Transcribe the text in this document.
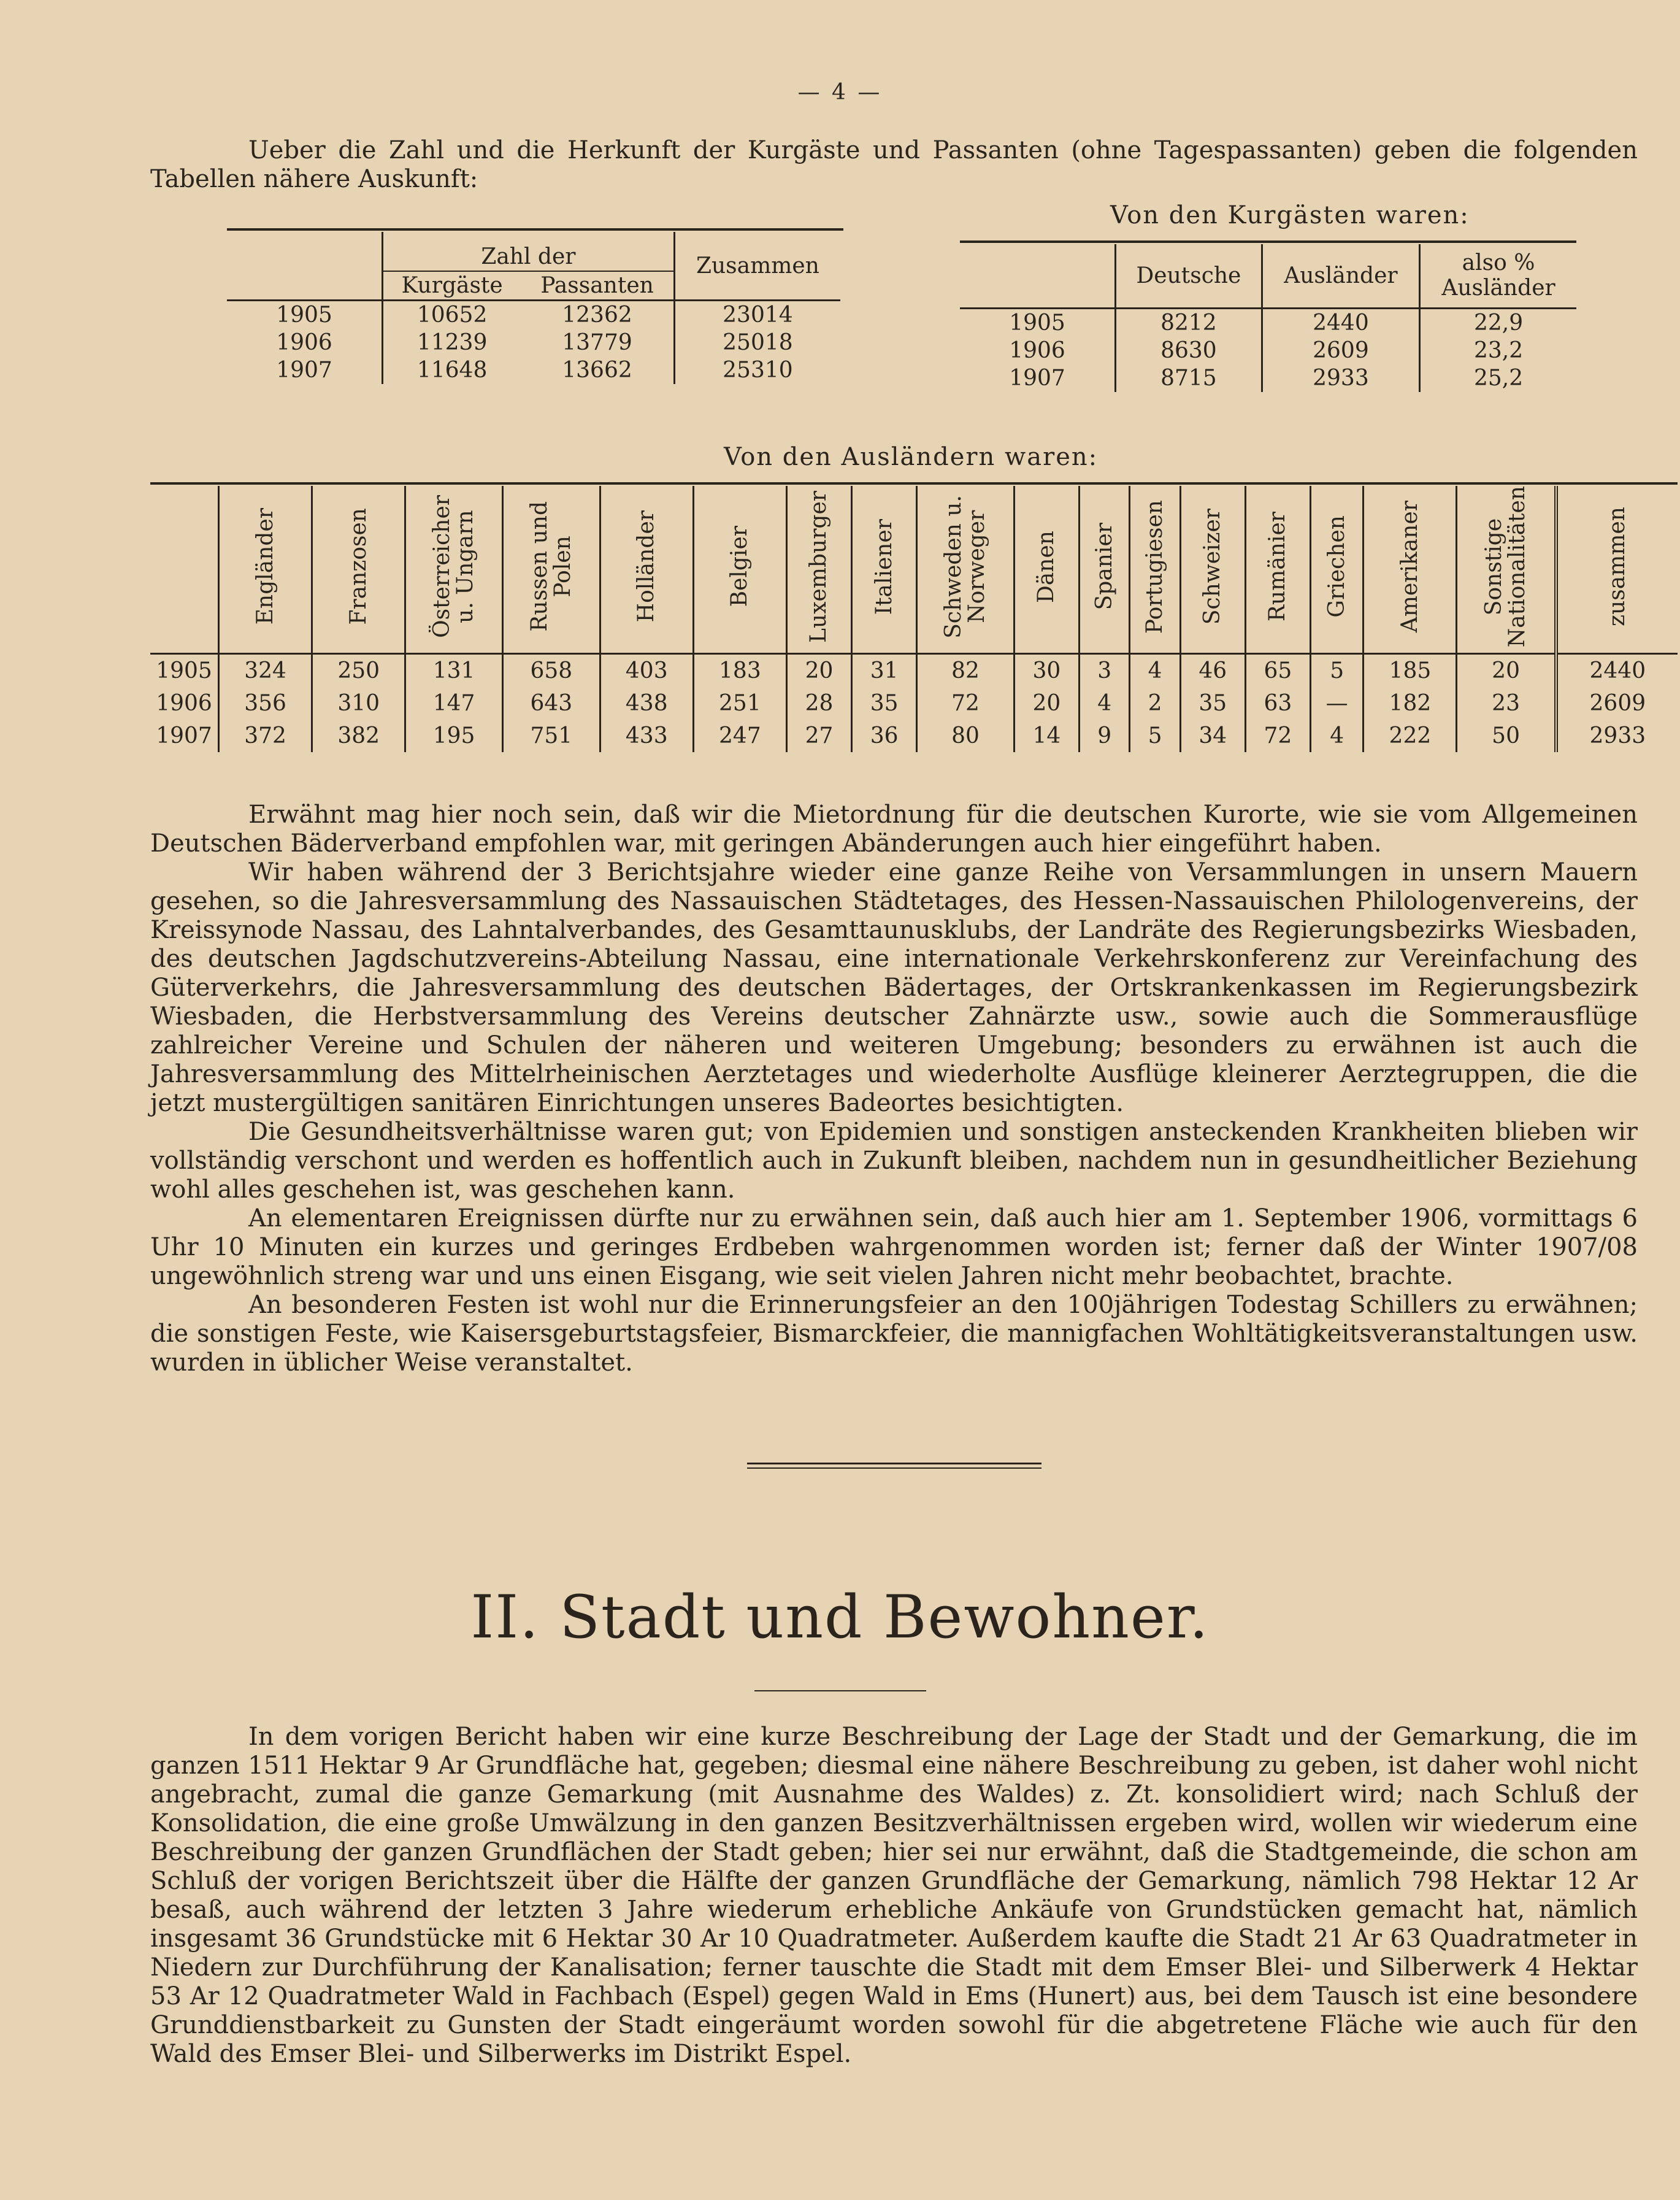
— 4 —
Ueber die Zahl und die Herkunft der Kurgäste und Passanten (ohne Tagespassanten) geben die folgenden Tabellen nähere Auskunft:
	Zahl der		Zusammen
	Kurgäste	Passanten	
1905	10652	12362	23014
1906	11239	13779	25018
1907	11648	13662	25310
Von den Kurgästen waren:
	Deutsche	Ausländer	also %
Ausländer
1905	8212	2440	22,9
1906	8630	2609	23,2
1907	8715	2933	25,2
Von den Ausländern waren:
	Engländer	Franzosen	Österreicher
u. Ungarn	Russen und
Polen	Holländer	Belgier	Luxemburger	Italiener	Schweden u.
Norweger	Dänen	Spanier	Portugiesen	Schweizer	Rumänier	Griechen	Amerikaner	Sonstige
Nationalitäten	zusammen
1905	324	250	131	658	403	183	20	31	82	30	3	4	46	65	5	185	20	2440
1906	356	310	147	643	438	251	28	35	72	20	4	2	35	63	—	182	23	2609
1907	372	382	195	751	433	247	27	36	80	14	9	5	34	72	4	222	50	2933

Erwähnt mag hier noch sein, daß wir die Mietordnung für die deutschen Kurorte, wie sie vom Allgemeinen Deutschen Bäderverband empfohlen war, mit geringen Abänderungen auch hier eingeführt haben.

Wir haben während der 3 Berichtsjahre wieder eine ganze Reihe von Versammlungen in unsern Mauern gesehen, so die Jahresversammlung des Nassauischen Städtetages, des Hessen-Nassauischen Philologenvereins, der Kreissynode Nassau, des Lahntalverbandes, des Gesamttaunusklubs, der Landräte des Regierungsbezirks Wiesbaden, des deutschen Jagdschutzvereins-Abteilung Nassau, eine internationale Verkehrskonferenz zur Vereinfachung des Güterverkehrs, die Jahresversammlung des deutschen Bädertages, der Ortskrankenkassen im Regierungsbezirk Wiesbaden, die Herbstversammlung des Vereins deutscher Zahnärzte usw., sowie auch die Sommerausflüge zahlreicher Vereine und Schulen der näheren und weiteren Umgebung; besonders zu erwähnen ist auch die Jahresversammlung des Mittelrheinischen Aerztetages und wiederholte Ausflüge kleinerer Aerztegruppen, die die jetzt mustergültigen sanitären Einrichtungen unseres Badeortes besichtigten.

Die Gesundheitsverhältnisse waren gut; von Epidemien und sonstigen ansteckenden Krankheiten blieben wir vollständig verschont und werden es hoffentlich auch in Zukunft bleiben, nachdem nun in gesundheitlicher Beziehung wohl alles geschehen ist, was geschehen kann.

An elementaren Ereignissen dürfte nur zu erwähnen sein, daß auch hier am 1. September 1906, vormittags 6 Uhr 10 Minuten ein kurzes und geringes Erdbeben wahrgenommen worden ist; ferner daß der Winter 1907/08 ungewöhnlich streng war und uns einen Eisgang, wie seit vielen Jahren nicht mehr beobachtet, brachte.

An besonderen Festen ist wohl nur die Erinnerungsfeier an den 100jährigen Todestag Schillers zu erwähnen; die sonstigen Feste, wie Kaisersgeburtstagsfeier, Bismarckfeier, die mannigfachen Wohltätigkeitsveranstaltungen usw. wurden in üblicher Weise veranstaltet.

II. Stadt und Bewohner.

In dem vorigen Bericht haben wir eine kurze Beschreibung der Lage der Stadt und der Gemarkung, die im ganzen 1511 Hektar 9 Ar Grundfläche hat, gegeben; diesmal eine nähere Beschreibung zu geben, ist daher wohl nicht angebracht, zumal die ganze Gemarkung (mit Ausnahme des Waldes) z. Zt. konsolidiert wird; nach Schluß der Konsolidation, die eine große Umwälzung in den ganzen Besitzverhältnissen ergeben wird, wollen wir wiederum eine Beschreibung der ganzen Grundflächen der Stadt geben; hier sei nur erwähnt, daß die Stadtgemeinde, die schon am Schluß der vorigen Berichtszeit über die Hälfte der ganzen Grundfläche der Gemarkung, nämlich 798 Hektar 12 Ar besaß, auch während der letzten 3 Jahre wiederum erhebliche Ankäufe von Grundstücken gemacht hat, nämlich insgesamt 36 Grundstücke mit 6 Hektar 30 Ar 10 Quadratmeter. Außerdem kaufte die Stadt 21 Ar 63 Quadratmeter in Niedern zur Durchführung der Kanalisation; ferner tauschte die Stadt mit dem Emser Blei- und Silberwerk 4 Hektar 53 Ar 12 Quadratmeter Wald in Fachbach (Espel) gegen Wald in Ems (Hunert) aus, bei dem Tausch ist eine besondere Grunddienstbarkeit zu Gunsten der Stadt eingeräumt worden sowohl für die abgetretene Fläche wie auch für den Wald des Emser Blei- und Silberwerks im Distrikt Espel.
